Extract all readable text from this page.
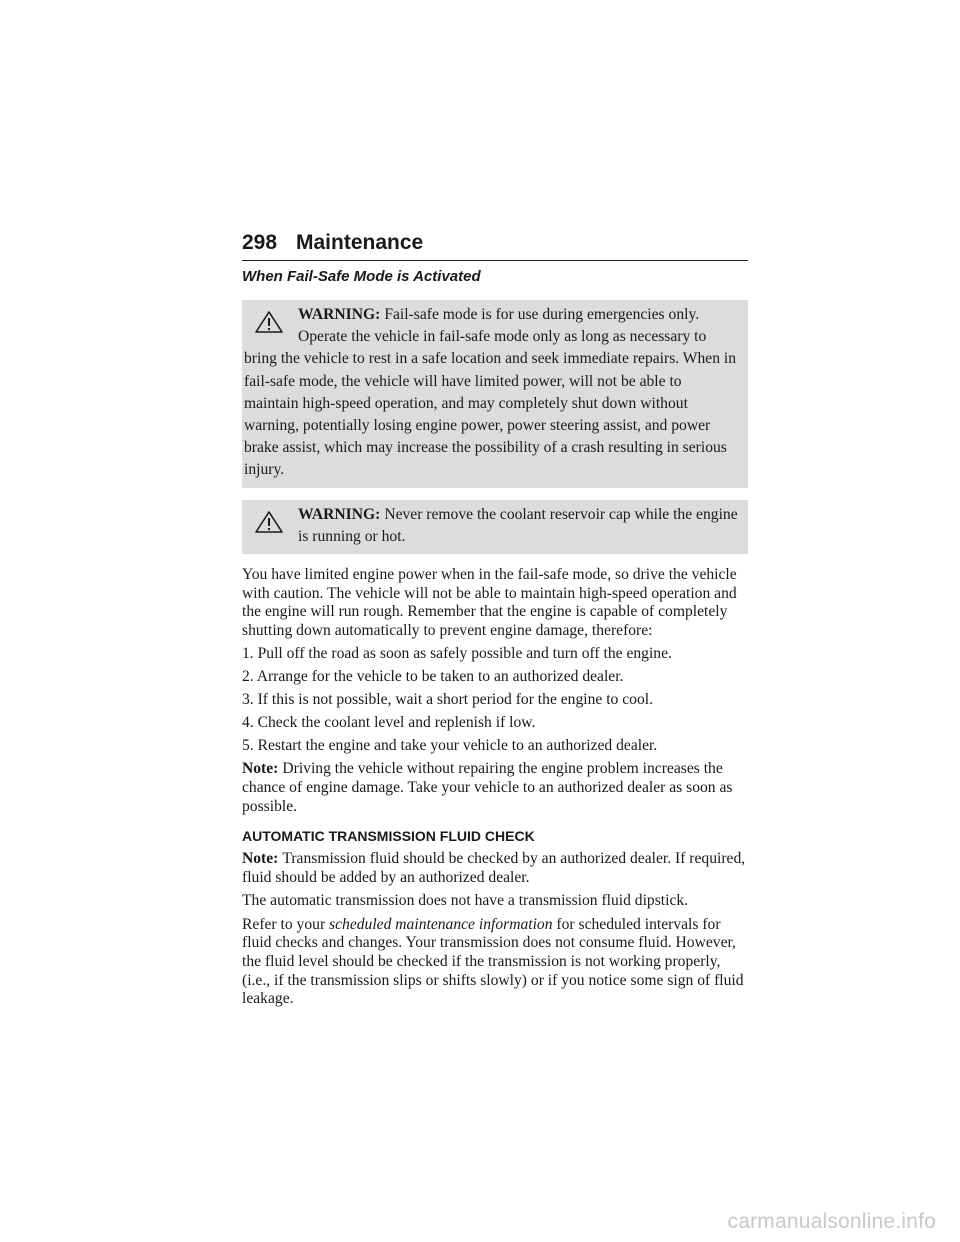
298 Maintenance
When Fail-Safe Mode is Activated
WARNING: Fail-safe mode is for use during emergencies only. Operate the vehicle in fail-safe mode only as long as necessary to bring the vehicle to rest in a safe location and seek immediate repairs. When in fail-safe mode, the vehicle will have limited power, will not be able to maintain high-speed operation, and may completely shut down without warning, potentially losing engine power, power steering assist, and power brake assist, which may increase the possibility of a crash resulting in serious injury.
WARNING: Never remove the coolant reservoir cap while the engine is running or hot.

You have limited engine power when in the fail-safe mode, so drive the vehicle with caution. The vehicle will not be able to maintain high-speed operation and the engine will run rough. Remember that the engine is capable of completely shutting down automatically to prevent engine damage, therefore:

1. Pull off the road as soon as safely possible and turn off the engine.

2. Arrange for the vehicle to be taken to an authorized dealer.

3. If this is not possible, wait a short period for the engine to cool.

4. Check the coolant level and replenish if low.

5. Restart the engine and take your vehicle to an authorized dealer.

Note: Driving the vehicle without repairing the engine problem increases the chance of engine damage. Take your vehicle to an authorized dealer as soon as possible.

AUTOMATIC TRANSMISSION FLUID CHECK

Note: Transmission fluid should be checked by an authorized dealer. If required, fluid should be added by an authorized dealer.

The automatic transmission does not have a transmission fluid dipstick.

Refer to your scheduled maintenance information for scheduled intervals for fluid checks and changes. Your transmission does not consume fluid. However, the fluid level should be checked if the transmission is not working properly, (i.e., if the transmission slips or shifts slowly) or if you notice some sign of fluid leakage.

carmanualsonline.info
